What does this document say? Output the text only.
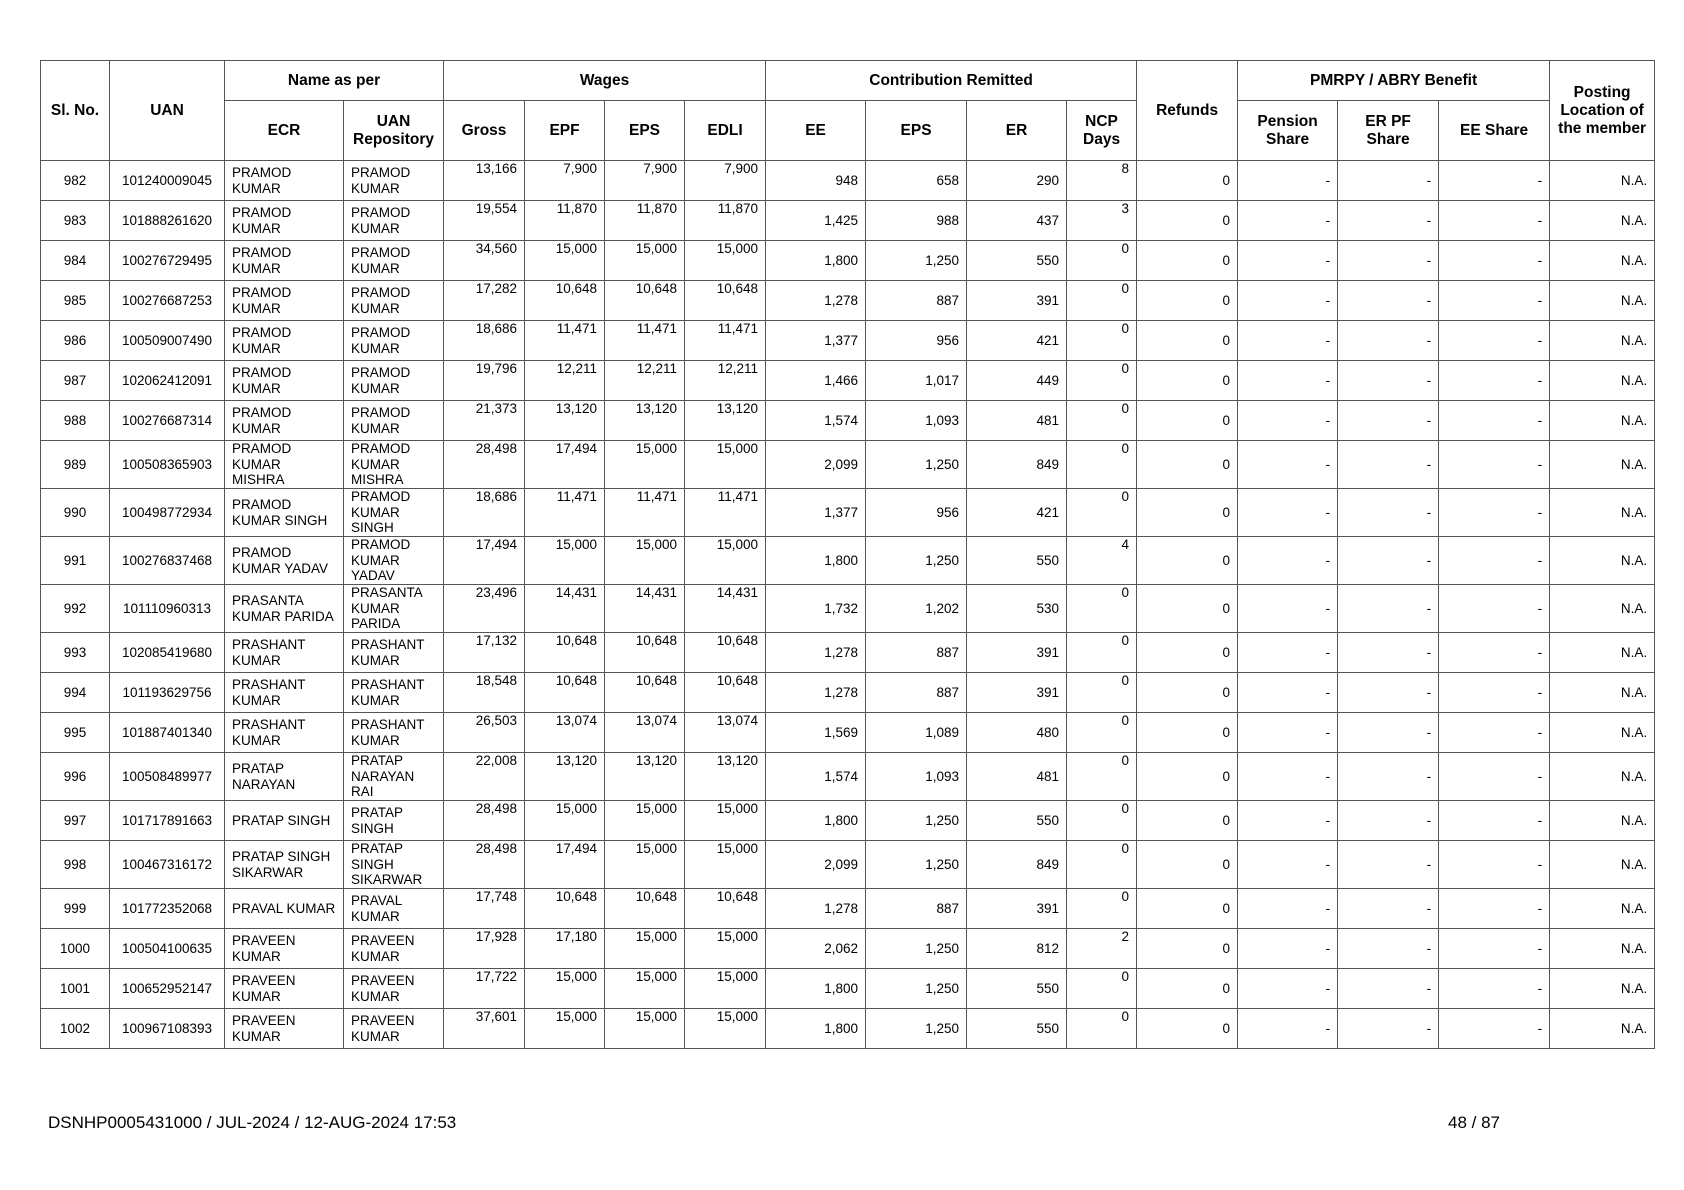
Sl. No.	UAN	Name as per		Wages				Contribution Remitted				Refunds	PMRPY / ABRY Benefit			Posting Location of the member
		ECR	UAN Repository	Gross	EPF	EPS	EDLI	EE	EPS	ER	NCP Days		Pension Share	ER PF Share	EE Share	
982	101240009045	PRAMOD KUMAR	PRAMOD KUMAR	13,166	7,900	7,900	7,900	948	658	290	8	0	-	-	-	N.A.
983	101888261620	PRAMOD KUMAR	PRAMOD KUMAR	19,554	11,870	11,870	11,870	1,425	988	437	3	0	-	-	-	N.A.
984	100276729495	PRAMOD KUMAR	PRAMOD KUMAR	34,560	15,000	15,000	15,000	1,800	1,250	550	0	0	-	-	-	N.A.
985	100276687253	PRAMOD KUMAR	PRAMOD KUMAR	17,282	10,648	10,648	10,648	1,278	887	391	0	0	-	-	-	N.A.
986	100509007490	PRAMOD KUMAR	PRAMOD KUMAR	18,686	11,471	11,471	11,471	1,377	956	421	0	0	-	-	-	N.A.
987	102062412091	PRAMOD KUMAR	PRAMOD KUMAR	19,796	12,211	12,211	12,211	1,466	1,017	449	0	0	-	-	-	N.A.
988	100276687314	PRAMOD KUMAR	PRAMOD KUMAR	21,373	13,120	13,120	13,120	1,574	1,093	481	0	0	-	-	-	N.A.
989	100508365903	PRAMOD KUMAR MISHRA	PRAMOD KUMAR MISHRA	28,498	17,494	15,000	15,000	2,099	1,250	849	0	0	-	-	-	N.A.
990	100498772934	PRAMOD KUMAR SINGH	PRAMOD KUMAR SINGH	18,686	11,471	11,471	11,471	1,377	956	421	0	0	-	-	-	N.A.
991	100276837468	PRAMOD KUMAR YADAV	PRAMOD KUMAR YADAV	17,494	15,000	15,000	15,000	1,800	1,250	550	4	0	-	-	-	N.A.
992	101110960313	PRASANTA KUMAR PARIDA	PRASANTA KUMAR PARIDA	23,496	14,431	14,431	14,431	1,732	1,202	530	0	0	-	-	-	N.A.
993	102085419680	PRASHANT KUMAR	PRASHANT KUMAR	17,132	10,648	10,648	10,648	1,278	887	391	0	0	-	-	-	N.A.
994	101193629756	PRASHANT KUMAR	PRASHANT KUMAR	18,548	10,648	10,648	10,648	1,278	887	391	0	0	-	-	-	N.A.
995	101887401340	PRASHANT KUMAR	PRASHANT KUMAR	26,503	13,074	13,074	13,074	1,569	1,089	480	0	0	-	-	-	N.A.
996	100508489977	PRATAP NARAYAN	PRATAP NARAYAN RAI	22,008	13,120	13,120	13,120	1,574	1,093	481	0	0	-	-	-	N.A.
997	101717891663	PRATAP SINGH	PRATAP SINGH	28,498	15,000	15,000	15,000	1,800	1,250	550	0	0	-	-	-	N.A.
998	100467316172	PRATAP SINGH SIKARWAR	PRATAP SINGH SIKARWAR	28,498	17,494	15,000	15,000	2,099	1,250	849	0	0	-	-	-	N.A.
999	101772352068	PRAVAL KUMAR	PRAVAL KUMAR	17,748	10,648	10,648	10,648	1,278	887	391	0	0	-	-	-	N.A.
1000	100504100635	PRAVEEN KUMAR	PRAVEEN KUMAR	17,928	17,180	15,000	15,000	2,062	1,250	812	2	0	-	-	-	N.A.
1001	100652952147	PRAVEEN KUMAR	PRAVEEN KUMAR	17,722	15,000	15,000	15,000	1,800	1,250	550	0	0	-	-	-	N.A.
1002	100967108393	PRAVEEN KUMAR	PRAVEEN KUMAR	37,601	15,000	15,000	15,000	1,800	1,250	550	0	0	-	-	-	N.A.
DSNHP0005431000 / JUL-2024 / 12-AUG-2024 17:53	48 / 87
